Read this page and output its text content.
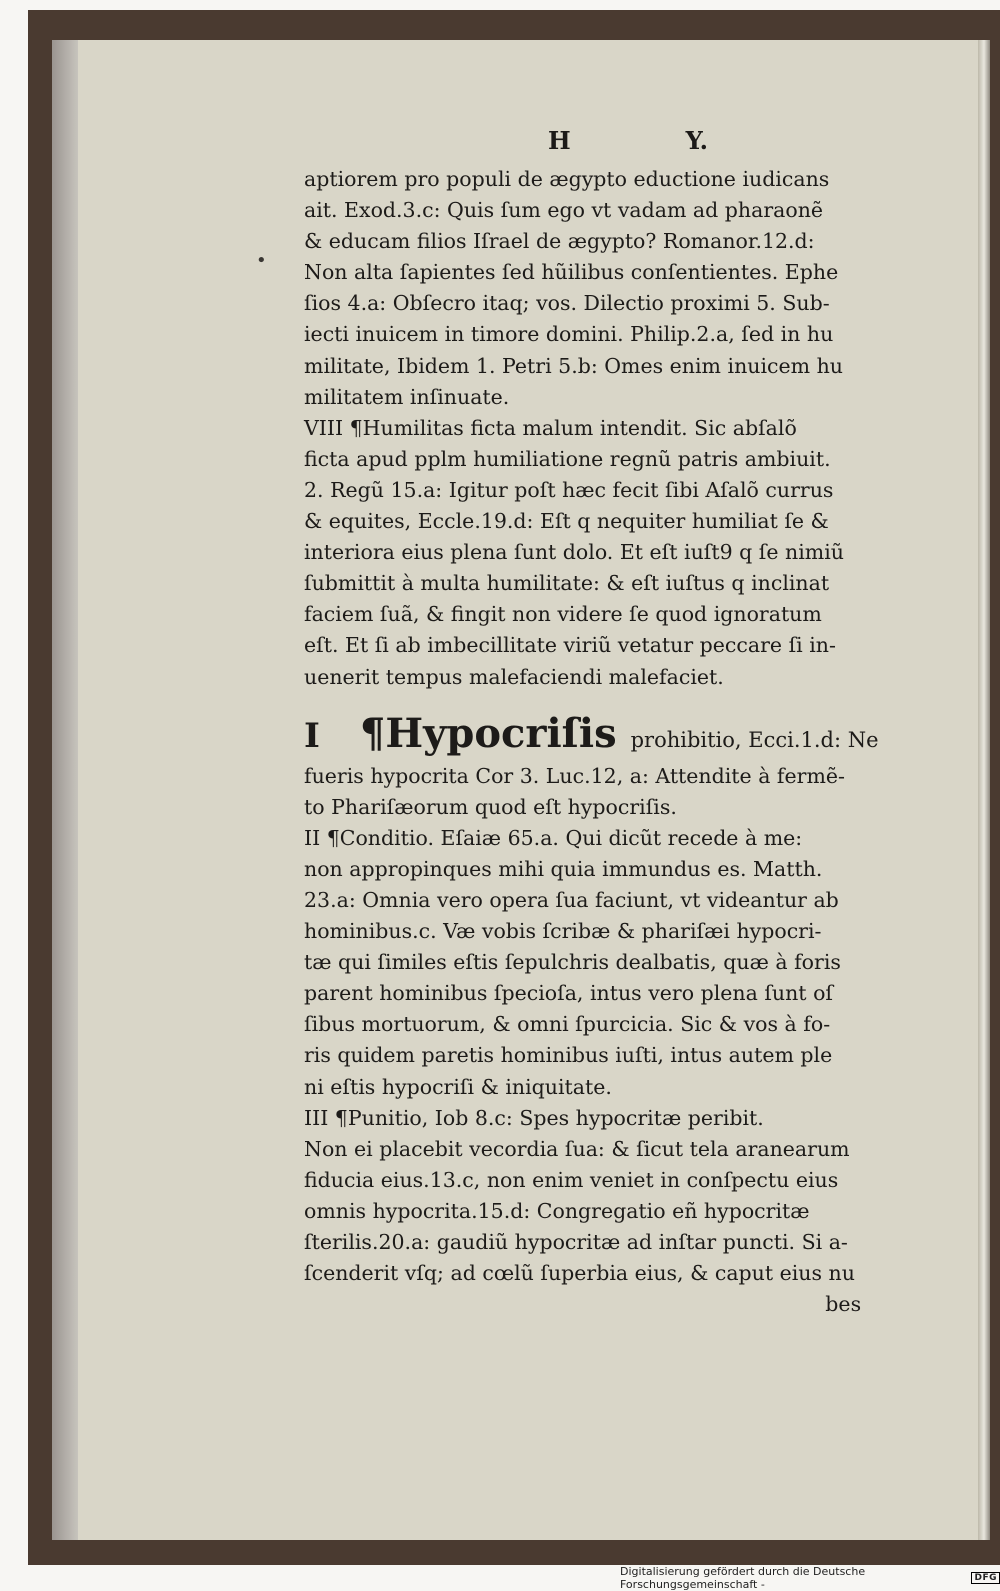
H	Y.
•
aptiorem pro populi de ægypto eductione iudicans
ait. Exod.3.c: Quis ſum ego vt vadam ad pharaonẽ
& educam filios Iſrael de ægypto? Romanor.12.d:
Non alta ſapientes ſed hũilibus conſentientes. Ephe
ſios 4.a: Obſecro itaq; vos. Dilectio proximi 5. Sub-
iecti inuicem in timore domini. Philip.2.a, ſed in hu
militate, Ibidem 1. Petri 5.b: Omes enim inuicem hu
militatem inſinuate.
VIII ¶Humilitas ficta malum intendit. Sic abſalõ
ficta apud pplm humiliatione regnũ patris ambiuit.
2. Regũ 15.a: Igitur poſt hæc fecit ſibi Aſalõ currus
& equites, Eccle.19.d: Eſt q nequiter humiliat ſe &
interiora eius plena ſunt dolo. Et eſt iuſt9 q ſe nimiũ
ſubmittit à multa humilitate: & eſt iuſtus q inclinat
faciem ſuã, & fingit non videre ſe quod ignoratum
eſt. Et ſi ab imbecillitate viriũ vetatur peccare ſi in-
uenerit tempus malefaciendi malefaciet.
I ¶Hypocriſis prohibitio, Ecci.1.d: Ne
fueris hypocrita Cor 3. Luc.12, a: Attendite à fermẽ-
to Phariſæorum quod eſt hypocriſis.
II ¶Conditio. Eſaiæ 65.a. Qui dicũt recede à me:
non appropinques mihi quia immundus es. Matth.
23.a: Omnia vero opera ſua faciunt, vt videantur ab
hominibus.c. Væ vobis ſcribæ & phariſæi hypocri-
tæ qui ſimiles eſtis ſepulchris dealbatis, quæ à foris
parent hominibus ſpecioſa, intus vero plena ſunt oſ
ſibus mortuorum, & omni ſpurcicia. Sic & vos à fo-
ris quidem paretis hominibus iuſti, intus autem ple
ni eſtis hypocriſi & iniquitate.
III ¶Punitio, Iob 8.c: Spes hypocritæ peribit.
Non ei placebit vecordia ſua: & ſicut tela aranearum
fiducia eius.13.c, non enim veniet in conſpectu eius
omnis hypocrita.15.d: Congregatio eñ hypocritæ
ſterilis.20.a: gaudiũ hypocritæ ad inſtar puncti. Si a-
ſcenderit vſq; ad cœlũ ſuperbia eius, & caput eius nu
bes
Digitalisierung gefördert durch die Deutsche Forschungsgemeinschaft -	DFG
